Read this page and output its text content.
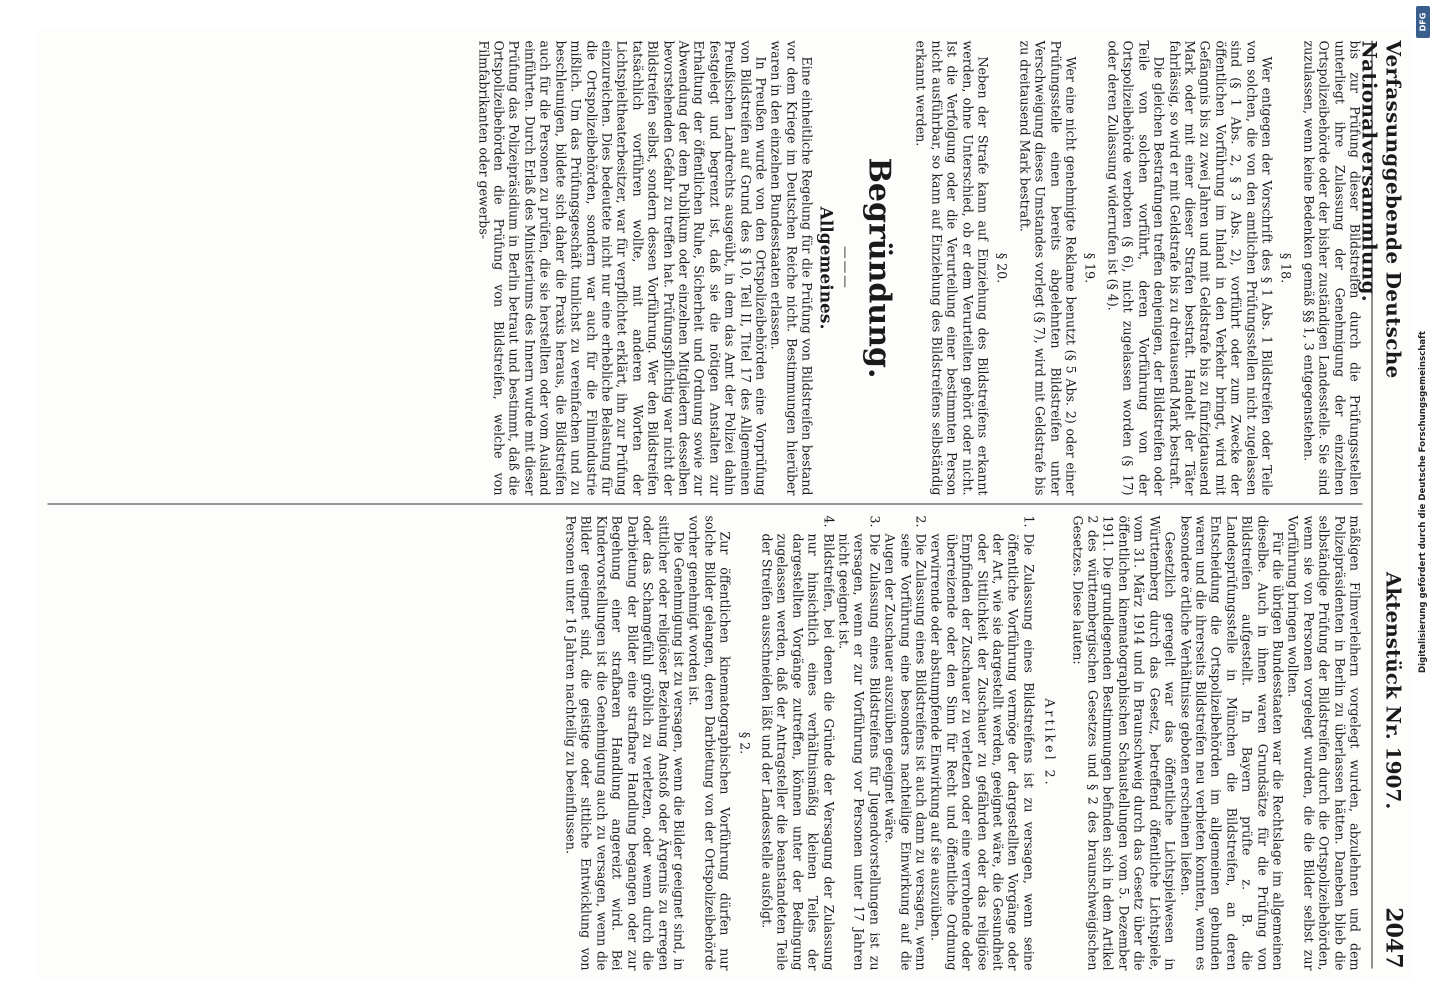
Verfassunggebende Deutsche Nationalversammlung.
Aktenstück Nr. 1907.
2047

bis zur Prüfung dieser Bildstreifen durch die Prüfungsstellen unterliegt ihre Zulassung der Genehmigung der einzelnen Ortspolizeibehörde oder der bisher zuständigen Landesstelle. Sie sind zuzulassen, wenn keine Bedenken gemäß §§ 1, 3 entgegenstehen.

§ 18.

Wer entgegen der Vorschrift des § 1 Abs. 1 Bildstreifen oder Teile von solchen, die von den amtlichen Prüfungsstellen nicht zugelassen sind (§ 1 Abs. 2, § 3 Abs. 2), vorführt oder zum Zwecke der öffentlichen Vorführung im Inland in den Verkehr bringt, wird mit Gefängnis bis zu zwei Jahren und mit Geldstrafe bis zu fünfzigtausend Mark oder mit einer dieser Strafen bestraft. Handelt der Täter fahrlässig, so wird er mit Geldstrafe bis zu dreitausend Mark bestraft.

Die gleichen Bestrafungen treffen denjenigen, der Bildstreifen oder Teile von solchen vorführt, deren Vorführung von der Ortspolizeibehörde verboten (§ 6), nicht zugelassen worden (§ 17) oder deren Zulassung widerrufen ist (§ 4).

§ 19.

Wer eine nicht genehmigte Reklame benutzt (§ 5 Abs. 2) oder einer Prüfungsstelle einen bereits abgelehnten Bildstreifen unter Verschweigung dieses Umstandes vorlegt (§ 7), wird mit Geldstrafe bis zu dreitausend Mark bestraft.

§ 20.

Neben der Strafe kann auf Einziehung des Bildstreifens erkannt werden, ohne Unterschied, ob er dem Verurteilten gehört oder nicht. Ist die Verfolgung oder die Verurteilung einer bestimmten Person nicht ausführbar, so kann auf Einziehung des Bildstreifens selbständig erkannt werden.

Begründung.
———
Allgemeines.

Eine einheitliche Regelung für die Prüfung von Bildstreifen bestand vor dem Kriege im Deutschen Reiche nicht. Bestimmungen hierüber waren in den einzelnen Bundesstaaten erlassen.

In Preußen wurde von den Ortspolizeibehörden eine Vorprüfung von Bildstreifen auf Grund des § 10, Teil II, Titel 17 des Allgemeinen Preußischen Landrechts ausgeübt, in dem das Amt der Polizei dahin festgelegt und begrenzt ist, daß sie die nötigen Anstalten zur Erhaltung der öffentlichen Ruhe, Sicherheit und Ordnung sowie zur Abwendung der dem Publikum oder einzelnen Mitgliedern desselben bevorstehenden Gefahr zu treffen hat. Prüfungspflichtig war nicht der Bildstreifen selbst, sondern dessen Vorführung. Wer den Bildstreifen tatsächlich vorführen wollte, mit anderen Worten der Lichtspieltheaterbesitzer, war für verpflichtet erklärt, ihn zur Prüfung einzureichen. Dies bedeutete nicht nur eine erhebliche Belastung für die Ortspolizeibehörden, sondern war auch für die Filmindustrie mißlich. Um das Prüfungsgeschäft tunlichst zu vereinfachen und zu beschleunigen, bildete sich daher die Praxis heraus, die Bildstreifen auch für die Personen zu prüfen, die sie herstellten oder vom Ausland einführten. Durch Erlaß des Ministeriums des Innern wurde mit dieser Prüfung das Polizeipräsidium in Berlin betraut und bestimmt, daß die Ortspolizeibehörden die Prüfung von Bildstreifen, welche von Filmfabrikanten oder gewerbs-

mäßigen Filmverleihern vorgelegt wurden, abzulehnen und dem Polizeipräsidenten in Berlin zu überlassen hätten. Daneben blieb die selbständige Prüfung der Bildstreifen durch die Ortspolizeibehörden, wenn sie von Personen vorgelegt wurden, die die Bilder selbst zur Vorführung bringen wollten.

Für die übrigen Bundesstaaten war die Rechtslage im allgemeinen dieselbe. Auch in ihnen waren Grundsätze für die Prüfung von Bildstreifen aufgestellt. In Bayern prüfte z. B. die Landesprüfungsstelle in München die Bildstreifen, an deren Entscheidung die Ortspolizeibehörden im allgemeinen gebunden waren und die ihrerseits Bildstreifen neu verbieten konnten, wenn es besondere örtliche Verhältnisse geboten erscheinen ließen.

Gesetzlich geregelt war das öffentliche Lichtspielwesen in Württemberg durch das Gesetz, betreffend öffentliche Lichtspiele, vom 31. März 1914 und in Braunschweig durch das Gesetz über die öffentlichen kinematographischen Schaustellungen vom 5. Dezember 1911. Die grundlegenden Bestimmungen befinden sich in dem Artikel 2 des württembergischen Gesetzes und § 2 des braunschweigischen Gesetzes. Diese lauten:

Artikel 2.
1.
Die Zulassung eines Bildstreifens ist zu versagen, wenn seine öffentliche Vorführung vermöge der dargestellten Vorgänge oder der Art, wie sie dargestellt werden, geeignet wäre, die Gesundheit oder Sittlichkeit der Zuschauer zu gefährden oder das religiöse Empfinden der Zuschauer zu verletzen oder eine verrohende oder überreizende oder den Sinn für Recht und öffentliche Ordnung verwirrende oder abstumpfende Einwirkung auf sie auszuüben.
2.
Die Zulassung eines Bildstreifens ist auch dann zu versagen, wenn seine Vorführung eine besonders nachteilige Einwirkung auf die Augen der Zuschauer auszuüben geeignet wäre.
3.
Die Zulassung eines Bildstreifens für Jugendvorstellungen ist zu versagen, wenn er zur Vorführung vor Personen unter 17 Jahren nicht geeignet ist.
4.
Bildstreifen, bei denen die Gründe der Versagung der Zulassung nur hinsichtlich eines verhältnismäßig kleinen Teiles der dargestellten Vorgänge zutreffen, können unter der Bedingung zugelassen werden, daß der Antragsteller die beanstandeten Teile der Streifen ausschneiden läßt und der Landesstelle ausfolgt.
§ 2.

Zur öffentlichen kinematographischen Vorführung dürfen nur solche Bilder gelangen, deren Darbietung von der Ortspolizeibehörde vorher genehmigt worden ist.

Die Genehmigung ist zu versagen, wenn die Bilder geeignet sind, in sittlicher oder religiöser Beziehung Anstoß oder Ärgernis zu erregen oder das Schamgefühl gröblich zu verletzen, oder wenn durch die Darbietung der Bilder eine strafbare Handlung begangen oder zur Begehung einer strafbaren Handlung angereizt wird. Bei Kindervorstellungen ist die Genehmigung auch zu versagen, wenn die Bilder geeignet sind, die geistige oder sittliche Entwicklung von Personen unter 16 Jahren nachteilig zu beeinflussen.

DFG
Digitalisierung gefördert durch die Deutsche Forschungsgemeinschaft
